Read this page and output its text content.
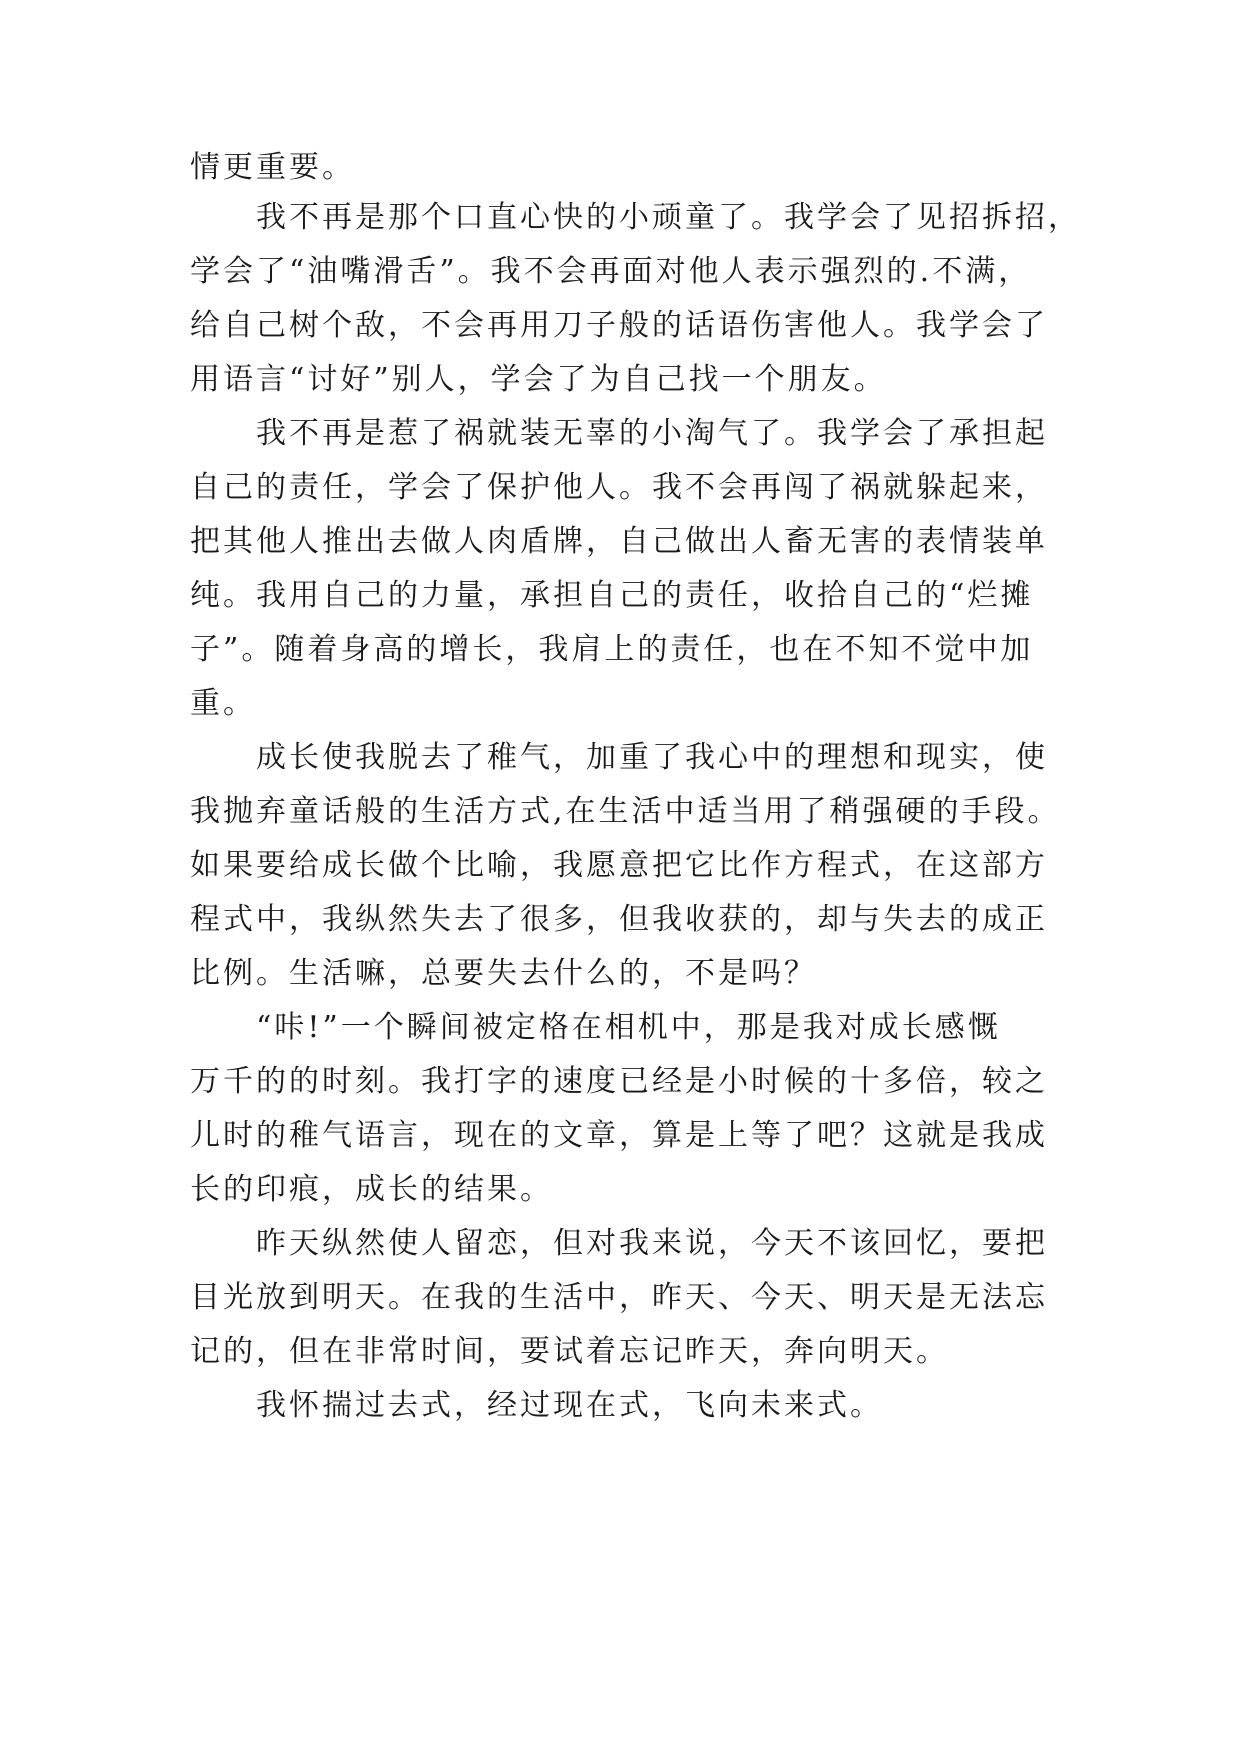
情更重要。
我不再是那个口直心快的小顽童了。我学会了见招拆招，
学会了“油嘴滑舌”。我不会再面对他人表示强烈的.不满，
给自己树个敌，不会再用刀子般的话语伤害他人。我学会了
用语言“讨好”别人，学会了为自己找一个朋友。
我不再是惹了祸就装无辜的小淘气了。我学会了承担起
自己的责任，学会了保护他人。我不会再闯了祸就躲起来，
把其他人推出去做人肉盾牌，自己做出人畜无害的表情装单
纯。我用自己的力量，承担自己的责任，收拾自己的“烂摊
子”。随着身高的增长，我肩上的责任，也在不知不觉中加
重。
成长使我脱去了稚气，加重了我心中的理想和现实，使
我抛弃童话般的生活方式,在生活中适当用了稍强硬的手段。
如果要给成长做个比喻，我愿意把它比作方程式，在这部方
程式中，我纵然失去了很多，但我收获的，却与失去的成正
比例。生活嘛，总要失去什么的，不是吗？
“咔!”一个瞬间被定格在相机中，那是我对成长感慨
万千的的时刻。我打字的速度已经是小时候的十多倍，较之
儿时的稚气语言，现在的文章，算是上等了吧？这就是我成
长的印痕，成长的结果。
昨天纵然使人留恋，但对我来说，今天不该回忆，要把
目光放到明天。在我的生活中，昨天、今天、明天是无法忘
记的，但在非常时间，要试着忘记昨天，奔向明天。
我怀揣过去式，经过现在式，飞向未来式。
